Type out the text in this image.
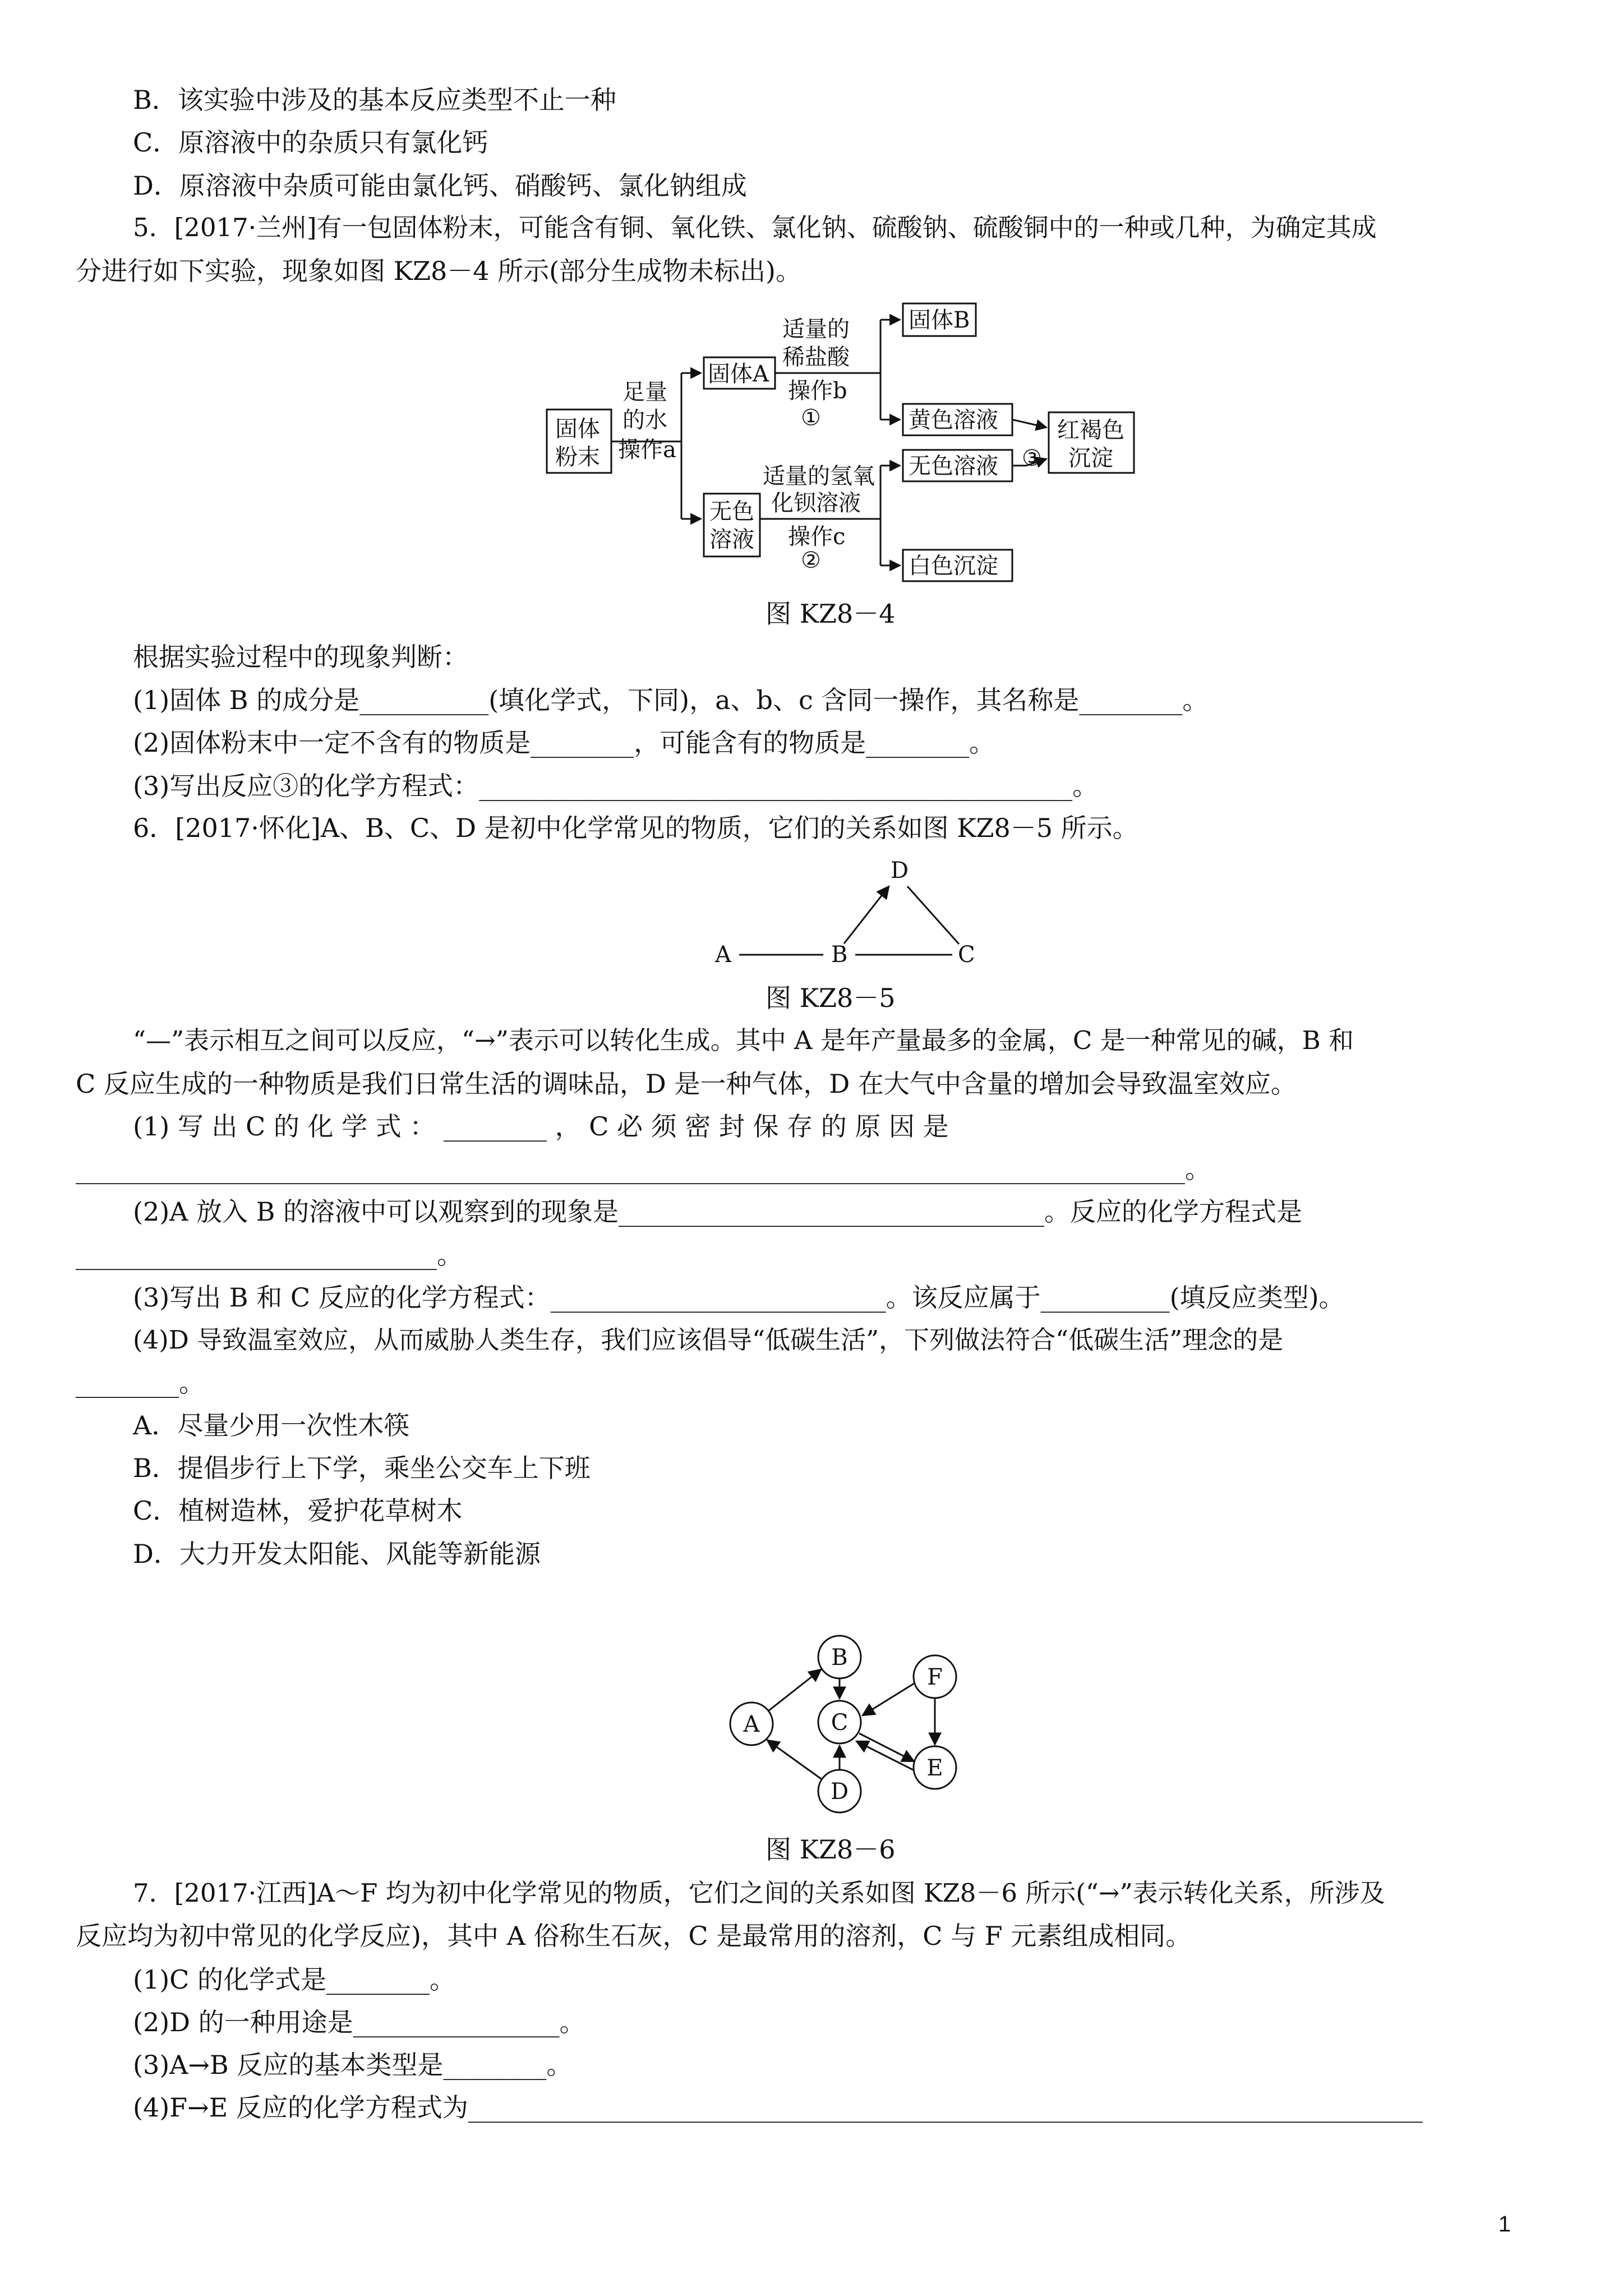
B．该实验中涉及的基本反应类型不止一种
C．原溶液中的杂质只有氯化钙
D．原溶液中杂质可能由氯化钙、硝酸钙、氯化钠组成
5．[2017·兰州]有一包固体粉末，可能含有铜、氧化铁、氯化钠、硫酸钠、硫酸铜中的一种或几种，为确定其成
分进行如下实验，现象如图 KZ8－4 所示(部分生成物未标出)。
根据实验过程中的现象判断：
(1)固体 B 的成分是__________(填化学式，下同)，a、b、c 含同一操作，其名称是________。
(2)固体粉末中一定不含有的物质是________，可能含有的物质是________。
(3)写出反应③的化学方程式：______________________________________________。
6．[2017·怀化]A、B、C、D 是初中化学常见的物质，它们的关系如图 KZ8－5 所示。
“—”表示相互之间可以反应，“→”表示可以转化生成。其中 A 是年产量最多的金属，C 是一种常见的碱，B 和
C 反应生成的一种物质是我们日常生活的调味品，D 是一种气体，D 在大气中含量的增加会导致温室效应。
(1) 写 出 C 的 化 学 式 ： ________ ， C 必 须 密 封 保 存 的 原 因 是
______________________________________________________________________________________。
(2)A 放入 B 的溶液中可以观察到的现象是_________________________________。反应的化学方程式是
____________________________。
(3)写出 B 和 C 反应的化学方程式：__________________________。该反应属于__________(填反应类型)。
(4)D 导致温室效应，从而威胁人类生存，我们应该倡导“低碳生活”，下列做法符合“低碳生活”理念的是
________。
A．尽量少用一次性木筷
B．提倡步行上下学，乘坐公交车上下班
C．植树造林，爱护花草树木
D．大力开发太阳能、风能等新能源
7．[2017·江西]A～F 均为初中化学常见的物质，它们之间的关系如图 KZ8－6 所示(“→”表示转化关系，所涉及
反应均为初中常见的化学反应)，其中 A 俗称生石灰，C 是最常用的溶剂，C 与 F 元素组成相同。
(1)C 的化学式是________。
(2)D 的一种用途是________________。
(3)A→B 反应的基本类型是________。
(4)F→E 反应的化学方程式为__________________________________________________________________________
图 KZ8－4
图 KZ8－5
图 KZ8－6
固体
粉末
足量
的水
操作a
固体A
适量的
稀盐酸
操作b
①
固体B
黄色溶液
无色溶液 ③
红褐色
沉淀
无色
溶液
适量的氢氧
化钡溶液
操作c
②	白色沉淀
A	B	C
D
A
B
C
D
E
F
1
